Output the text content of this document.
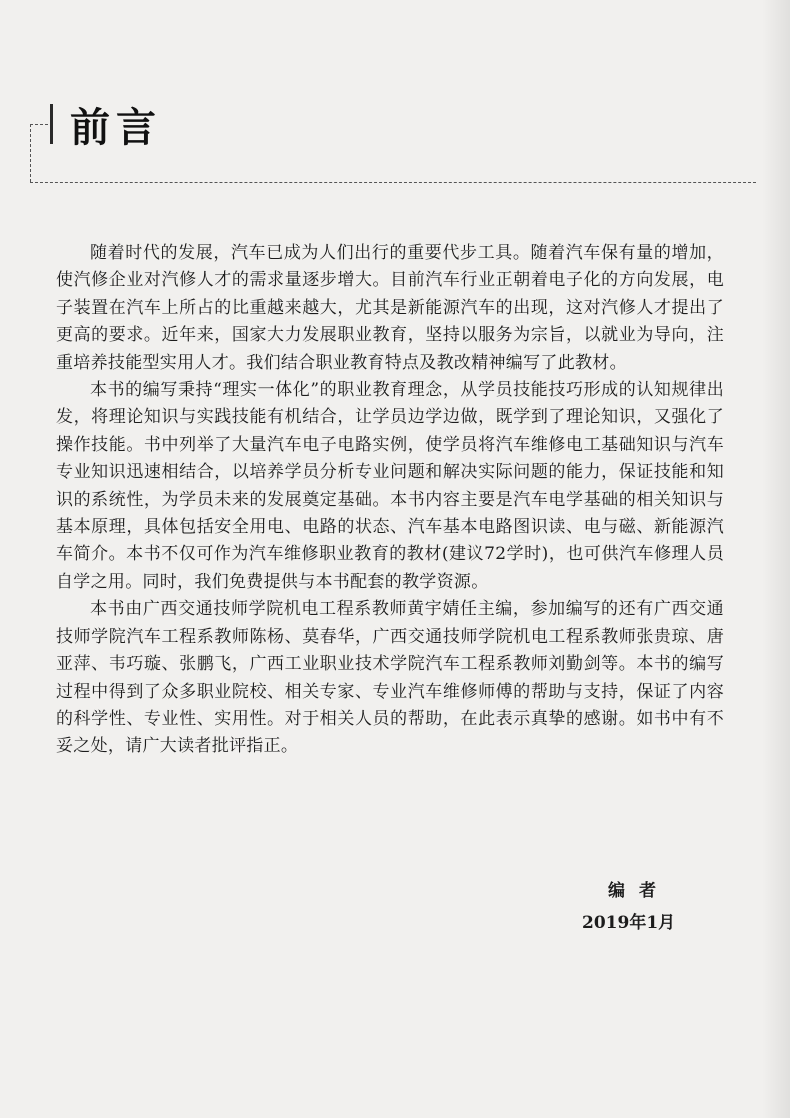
前言

随着时代的发展，汽车已成为人们出行的重要代步工具。随着汽车保有量的增加，使汽修企业对汽修人才的需求量逐步增大。目前汽车行业正朝着电子化的方向发展，电子装置在汽车上所占的比重越来越大，尤其是新能源汽车的出现，这对汽修人才提出了更高的要求。近年来，国家大力发展职业教育，坚持以服务为宗旨，以就业为导向，注重培养技能型实用人才。我们结合职业教育特点及教改精神编写了此教材。

本书的编写秉持“理实一体化”的职业教育理念，从学员技能技巧形成的认知规律出发，将理论知识与实践技能有机结合，让学员边学边做，既学到了理论知识，又强化了操作技能。书中列举了大量汽车电子电路实例，使学员将汽车维修电工基础知识与汽车专业知识迅速相结合，以培养学员分析专业问题和解决实际问题的能力，保证技能和知识的系统性，为学员未来的发展奠定基础。本书内容主要是汽车电学基础的相关知识与基本原理，具体包括安全用电、电路的状态、汽车基本电路图识读、电与磁、新能源汽车简介。本书不仅可作为汽车维修职业教育的教材(建议72学时)，也可供汽车修理人员自学之用。同时，我们免费提供与本书配套的教学资源。

本书由广西交通技师学院机电工程系教师黄宇婧任主编，参加编写的还有广西交通技师学院汽车工程系教师陈杨、莫春华，广西交通技师学院机电工程系教师张贵琼、唐亚萍、韦巧璇、张鹏飞，广西工业职业技术学院汽车工程系教师刘勤剑等。本书的编写过程中得到了众多职业院校、相关专家、专业汽车维修师傅的帮助与支持，保证了内容的科学性、专业性、实用性。对于相关人员的帮助，在此表示真挚的感谢。如书中有不妥之处，请广大读者批评指正。

编者
2019年1月
